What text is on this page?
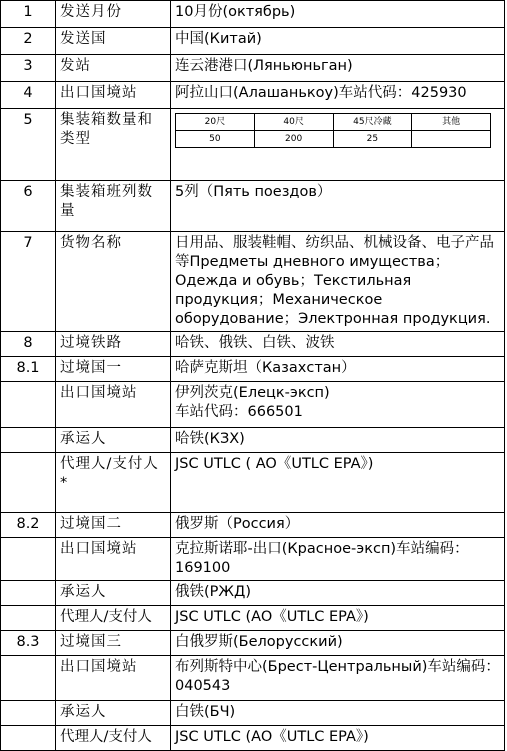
1	发送月份	10月份(октябрь)
2	发送国	中国(Китай)
3	发站	连云港港口(Ляньюньган)
4	出口国境站	阿拉山口(Алашанькоу)车站代码：425930
5	集装箱数量和类型	
20尺	40尺	45尺冷藏	其他
50	200	25	

6	集装箱班列数量	5列（Пять поездов）
7	货物名称	日用品、服装鞋帽、纺织品、机械设备、电子产品等Предметы дневного имущества；Одежда и обувь；Текстильная продукция；Механическое оборудование；Электронная продукция.
8	过境铁路	哈铁、俄铁、白铁、波铁
8.1	过境国一	哈萨克斯坦（Казахстан）
	出口国境站	伊列茨克(Елецк-эксп)
车站代码：666501
	承运人	哈铁(КЗХ)
	代理人/支付人*	JSC UTLC ( AO《UTLC EPA》)
8.2	过境国二	俄罗斯（Россия）
	出口国境站	克拉斯诺耶-出口(Красное-эксп)车站编码：169100
	承运人	俄铁(РЖД)
	代理人/支付人	JSC UTLC (AO《UTLC EPA》)
8.3	过境国三	白俄罗斯(Белорусский)
	出口国境站	布列斯特中心(Брест-Центральный)车站编码：040543
	承运人	白铁(БЧ)
	代理人/支付人	JSC UTLC (AO《UTLC EPA》)
